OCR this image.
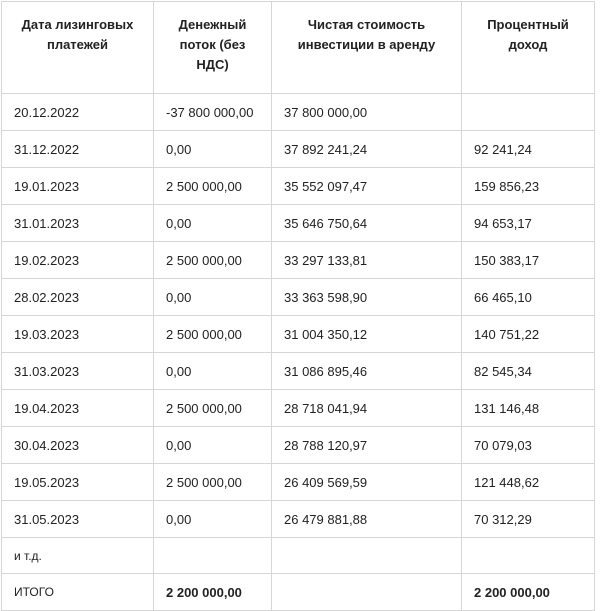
Дата лизинговых платежей	Денежный поток (без НДС)	Чистая стоимость инвестиции в аренду	Процентный доход
20.12.2022	-37 800 000,00	37 800 000,00	
31.12.2022	0,00	37 892 241,24	92 241,24
19.01.2023	2 500 000,00	35 552 097,47	159 856,23
31.01.2023	0,00	35 646 750,64	94 653,17
19.02.2023	2 500 000,00	33 297 133,81	150 383,17
28.02.2023	0,00	33 363 598,90	66 465,10
19.03.2023	2 500 000,00	31 004 350,12	140 751,22
31.03.2023	0,00	31 086 895,46	82 545,34
19.04.2023	2 500 000,00	28 718 041,94	131 146,48
30.04.2023	0,00	28 788 120,97	70 079,03
19.05.2023	2 500 000,00	26 409 569,59	121 448,62
31.05.2023	0,00	26 479 881,88	70 312,29
и т.д.			
ИТОГО	2 200 000,00		2 200 000,00
